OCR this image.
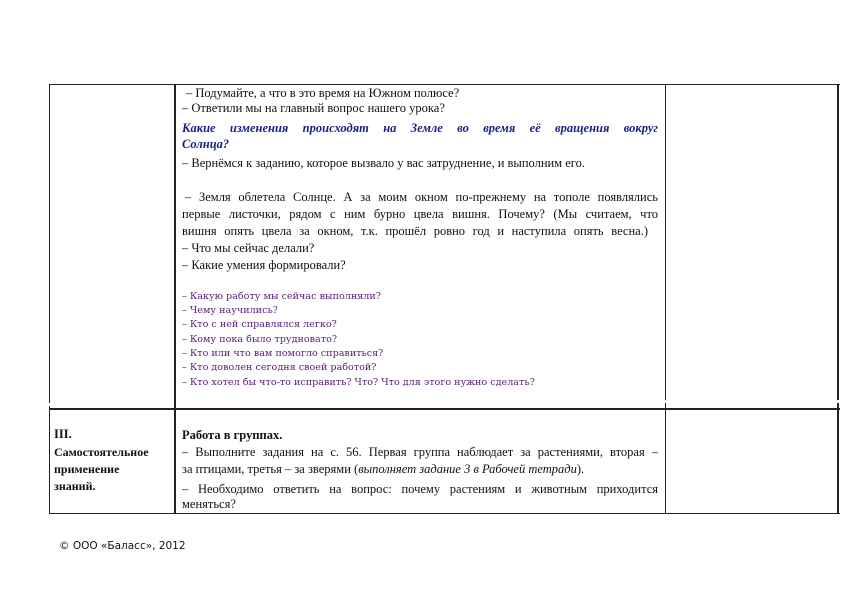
– Подумайте, а что в это время на Южном полюсе?
– Ответили мы на главный вопрос нашего урока?
Какие изменения происходят на Земле во время её вращения вокруг
Солнца?
– Вернёмся к заданию, которое вызвало у вас затруднение, и выполним его.
– Земля облетела Солнце. А за моим окном по-прежнему на тополе появлялись
первые листочки, рядом с ним бурно цвела вишня. Почему? (Мы считаем, что
вишня опять цвела за окном, т.к. прошёл ровно год и наступила опять весна.)
– Что мы сейчас делали?
– Какие умения формировали?
– Какую работу мы сейчас выполняли?
– Чему научились?
– Кто с ней справлялся легко?
– Кому пока было трудновато?
– Кто или что вам помогло справиться?
– Кто доволен сегодня своей работой?
– Кто хотел бы что-то исправить? Что? Что для этого нужно сделать?
III.
Самостоятельное
применение
знаний.
Работа в группах.
– Выполните задания на с. 56. Первая группа наблюдает за растениями, вторая –
за птицами, третья – за зверями (выполняет задание 3 в Рабочей тетради).
– Необходимо ответить на вопрос: почему растениям и животным приходится
меняться?
© ООО «Баласс», 2012
